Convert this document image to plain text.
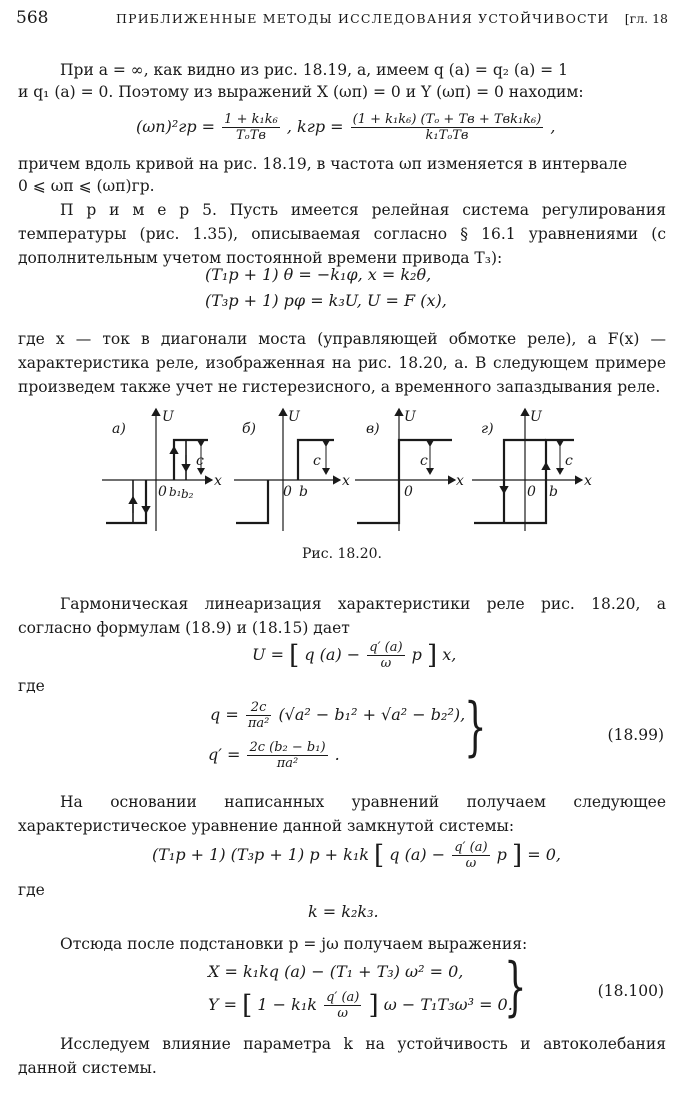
568	ПРИБЛИЖЕННЫЕ МЕТОДЫ ИССЛЕДОВАНИЯ УСТОЙЧИВОСТИ [гл. 18

При a = ∞, как видно из рис. 18.19, a, имеем q (a) = q₂ (a) = 1

и q₁ (a) = 0. Поэтому из выражений X (ωп) = 0 и Y (ωп) = 0 находим:

$(\omega п)^2гр = \frac{\text{1 + k₁k₆}}{\text{TₒTв}}$ , kгр = $\frac{\text{(1 + k₁k₆) (Tₒ + Tв + Tвk₁k₆)}}{\text{k₁TₒTв}}$ ,

причем вдоль кривой на рис. 18.19, в частота ωп изменяется в интервале

0 ⩽ ωп ⩽ (ωп)гр.

П р и м е р 5. Пусть имеется релейная система регулирования температуры (рис. 1.35), описываемая согласно § 16.1 уравнениями (с дополнительным учетом постоянной времени привода T₃):

(T₁p + 1) θ = −k₁φ, x = k₂θ,
(T₃p + 1) pφ = k₃U, U = F (x),

где x — ток в диагонали моста (управляющей обмотке реле), а F(x) — характеристика реле, изображенная на рис. 18.20, а. В следующем примере произведем также учет не гистерезисного, а временного запаздывания реле.

а)
U
x
0 b₁ b₂
c
б)
U
x
0 b
c
в)
U
x
0
c
г)
U
x
0 b
c
Рис. 18.20.

Гармоническая линеаризация характеристики реле рис. 18.20, а согласно формулам (18.9) и (18.15) дает

U = [ q $(a) - \frac{q' (a)}{\omega}$ p ] x,

где

$q = \frac{2c}{\text{πa²}} (√a^2 - b_1^2 + √a^2 - b_2^2)$,
$q' = \frac{\text{2c (b₂ − b₁)}}{\text{πa²}}$ . }	(18.99)

На основании написанных уравнений получаем следующее характеристическое уравнение данной замкнутой системы:

(T₁p + 1) (T₃p + 1) p + k₁k [ q $(a) - \frac{q' (a)}{\omega}$ p ] = 0,

где

k = k₂k₃.

Отсюда после подстановки p = jω получаем выражения:

X = k₁kq (a) − (T₁ + T₃) ω² = 0,
Y = [ $1 - k_1k \frac{q' (a)}{\omega}$ ] ω − T₁T₃ω³ = 0.
}	(18.100)

Исследуем влияние параметра k на устойчивость и автоколебания данной системы.
